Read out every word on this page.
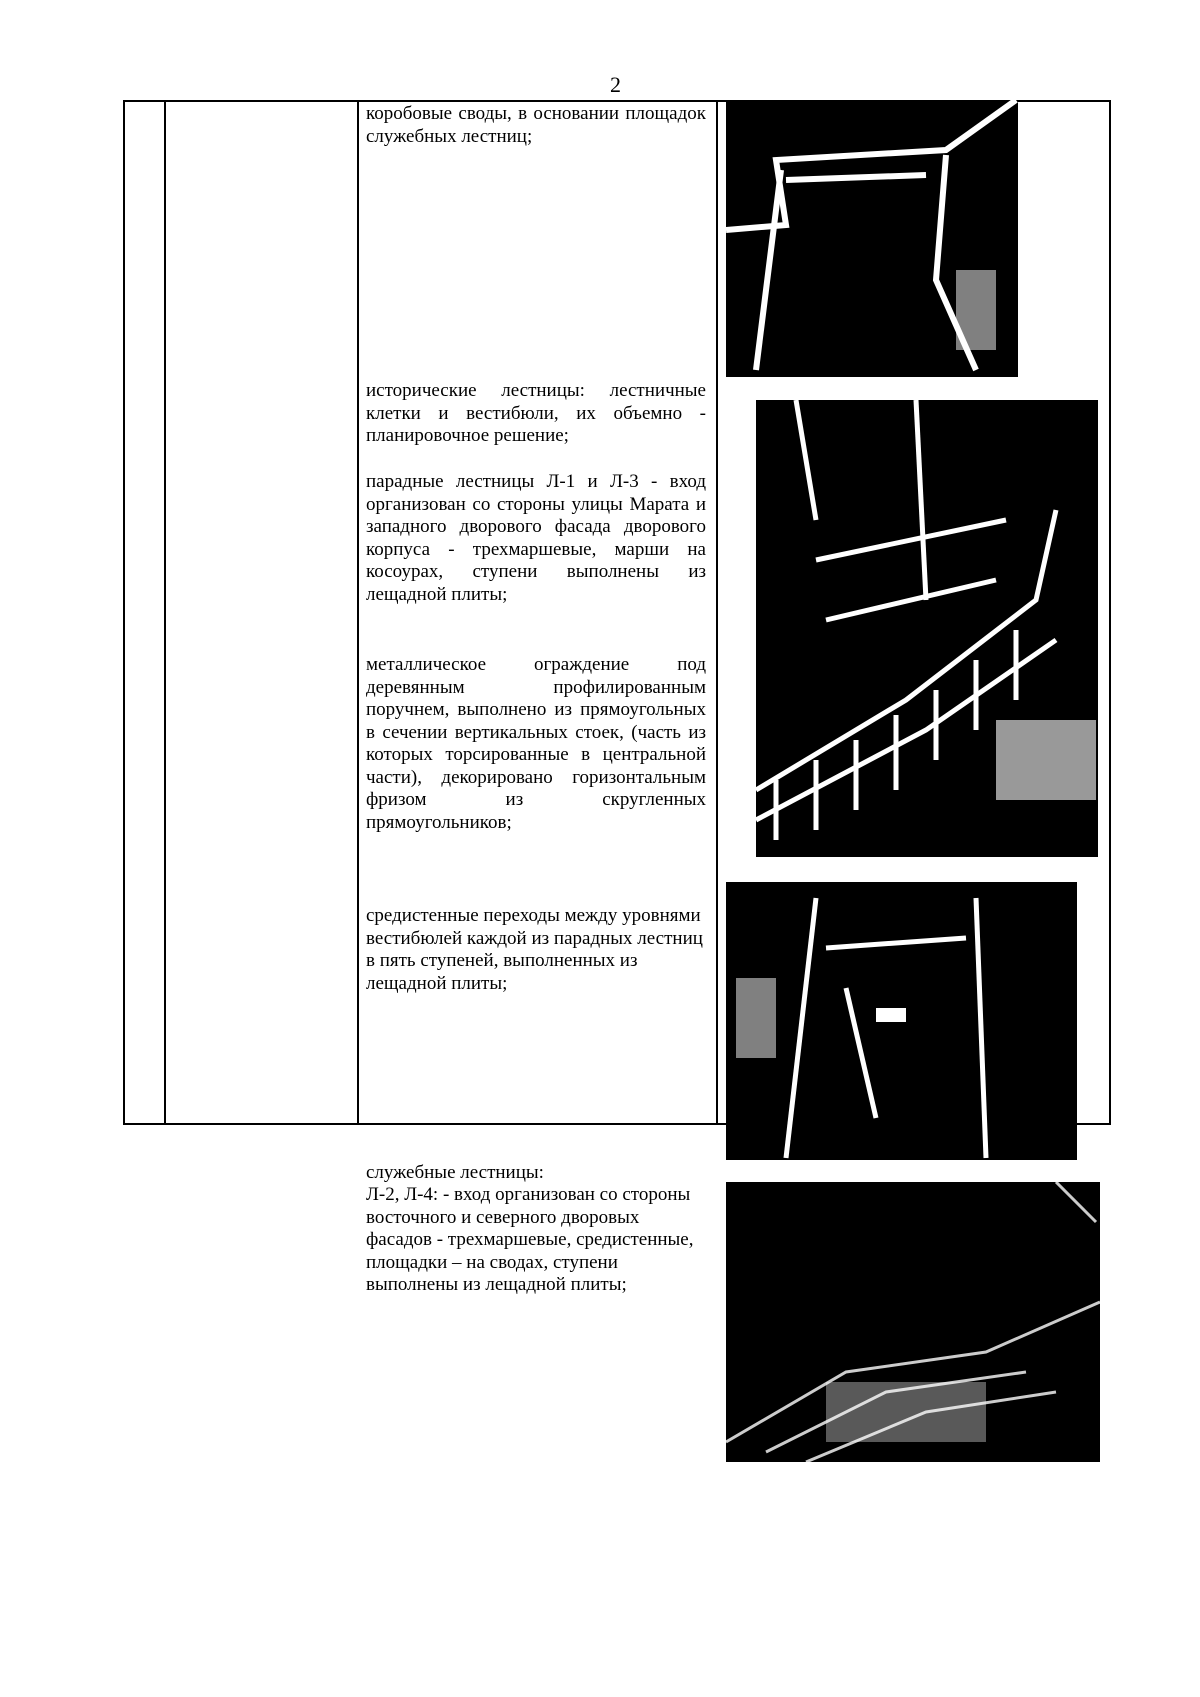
2
коробовые своды, в основании площадок служебных лестниц;
исторические лестницы: лестничные клетки и вестибюли, их объемно - планировочное решение;
парадные лестницы Л-1 и Л-3 - вход организован со стороны улицы Марата и западного дворового фасада дворового корпуса - трехмаршевые, марши на косоурах, ступени выполнены из лещадной плиты;
металлическое ограждение под деревянным профилированным поручнем, выполнено из прямоугольных в сечении вертикальных стоек, (часть из которых торсированные в центральной части), декорировано горизонтальным фризом из скругленных прямоугольников;
средистенные переходы между уровнями вестибюлей каждой из парадных лестниц в пять ступеней, выполненных из лещадной плиты;
служебные лестницы:
Л-2, Л-4: - вход организован со стороны восточного и северного дворовых фасадов - трехмаршевые, средистенные, площадки – на сводах, ступени выполнены из лещадной плиты;
